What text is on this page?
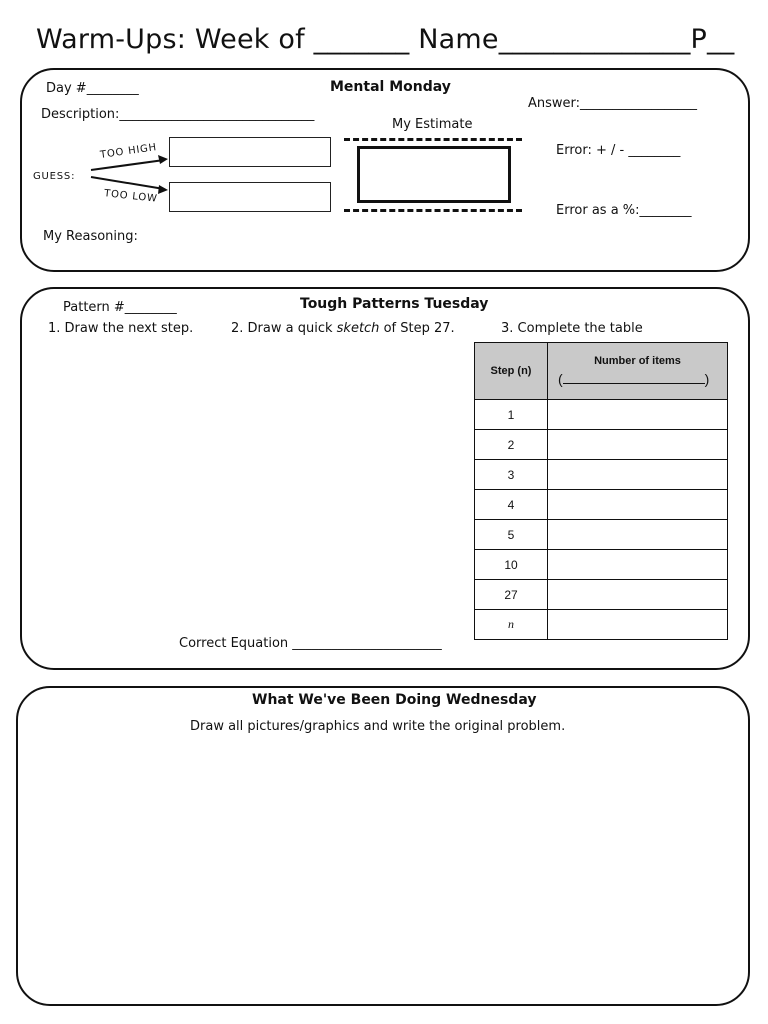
Warm-Ups: Week of _______ Name______________P__
Day #________	Mental Monday
Answer:__________________
Description:______________________________
My Estimate
GUESS:
TOO HIGH
TOO LOW
Error: + / - ________
Error as a %:________
My Reasoning:
Pattern #________	Tough Patterns Tuesday
1. Draw the next step.	2. Draw a quick sketch of Step 27.	3. Complete the table
Step (n)	Number of items
( )

1	
2	
3	
4	
5	
10	
27	
n	
Correct Equation _______________________
What We've Been Doing Wednesday
Draw all pictures/graphics and write the original problem.
